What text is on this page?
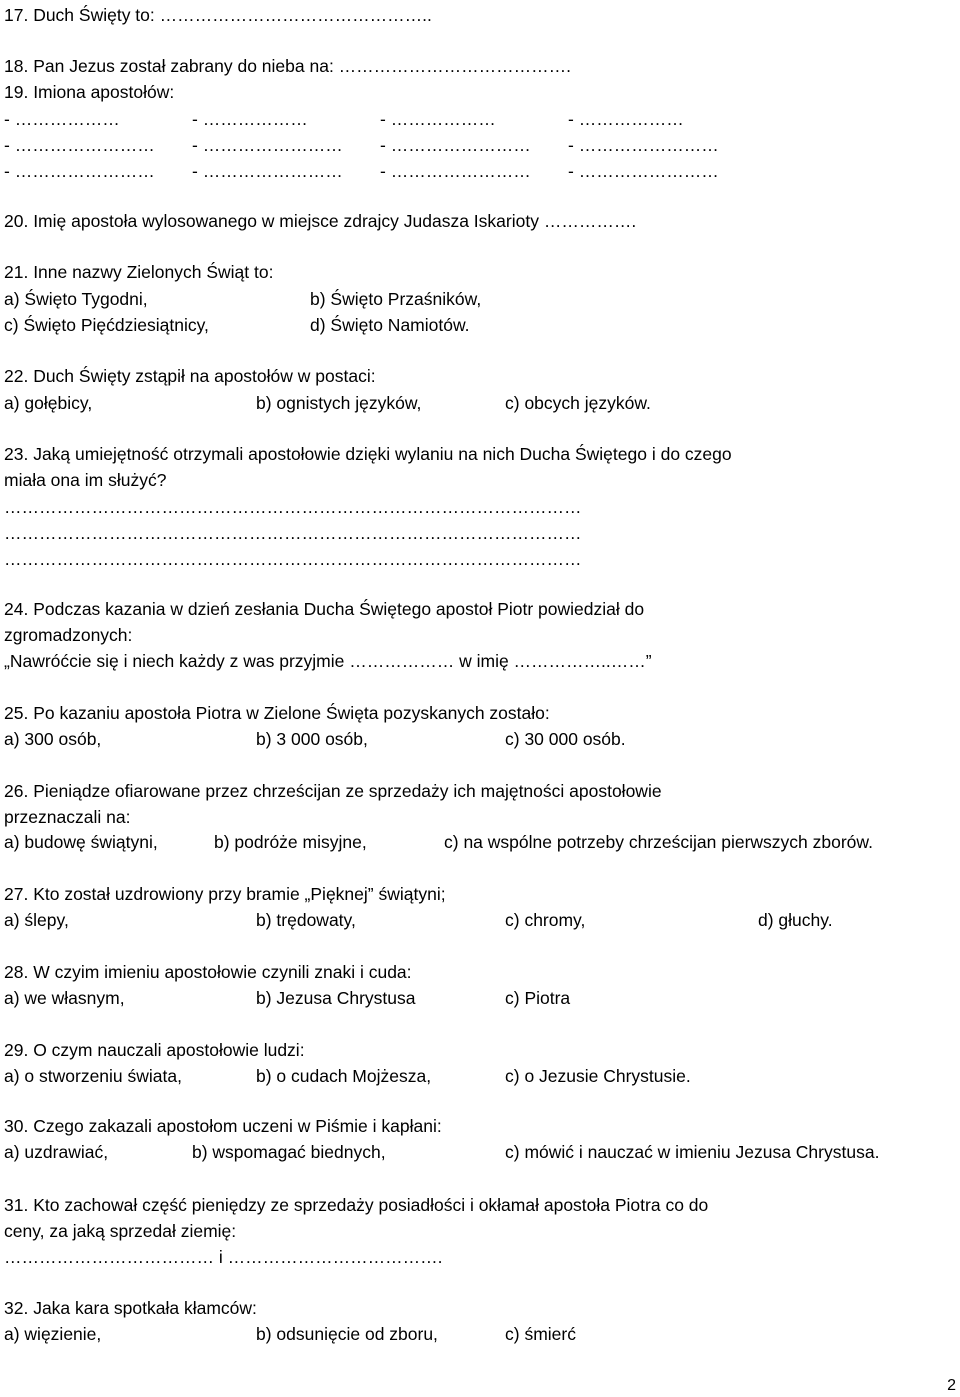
17. Duch Święty to: ………………………………………..
18. Pan Jezus został zabrany do nieba na: ………………………………….
19. Imiona apostołów:
- ………………	- ………………	- ………………	- ………………
- …………………… - …………………… - …………………… - ……………………
- …………………… - …………………… - …………………… - ……………………
20. Imię apostoła wylosowanego w miejsce zdrajcy Judasza Iskarioty …………….
21. Inne nazwy Zielonych Świąt to:
a) Święto Tygodni,	b) Święto Przaśników,
c) Święto Pięćdziesiątnicy,	d) Święto Namiotów.
22. Duch Święty zstąpił na apostołów w postaci:
a) gołębicy,	b) ognistych języków,	c) obcych języków.
23. Jaką umiejętność otrzymali apostołowie dzięki wylaniu na nich Ducha Świętego i do czego
miała ona im służyć?
………………………………………………………………………………………
………………………………………………………………………………………
………………………………………………………………………………………
24. Podczas kazania w dzień zesłania Ducha Świętego apostoł Piotr powiedział do
zgromadzonych:
„Nawróćcie się i niech każdy z was przyjmie ……………… w imię ……………..……”
25. Po kazaniu apostoła Piotra w Zielone Święta pozyskanych zostało:
a) 300 osób,	b) 3 000 osób,	c) 30 000 osób.
26. Pieniądze ofiarowane przez chrześcijan ze sprzedaży ich majętności apostołowie
przeznaczali na:
a) budowę świątyni,	b) podróże misyjne,	c) na wspólne potrzeby chrześcijan pierwszych zborów.
27. Kto został uzdrowiony przy bramie „Pięknej” świątyni;
a) ślepy,	b) trędowaty,	c) chromy,	d) głuchy.
28. W czyim imieniu apostołowie czynili znaki i cuda:
a) we własnym,	b) Jezusa Chrystusa	c) Piotra
29. O czym nauczali apostołowie ludzi:
a) o stworzeniu świata,	b) o cudach Mojżesza,	c) o Jezusie Chrystusie.
30. Czego zakazali apostołom uczeni w Piśmie i kapłani:
a) uzdrawiać,	b) wspomagać biednych,	c) mówić i nauczać w imieniu Jezusa Chrystusa.
31. Kto zachował część pieniędzy ze sprzedaży posiadłości i okłamał apostoła Piotra co do
ceny, za jaką sprzedał ziemię:
……………………………… i ……………………………….
32. Jaka kara spotkała kłamców:
a) więzienie,	b) odsunięcie od zboru,	c) śmierć
2
